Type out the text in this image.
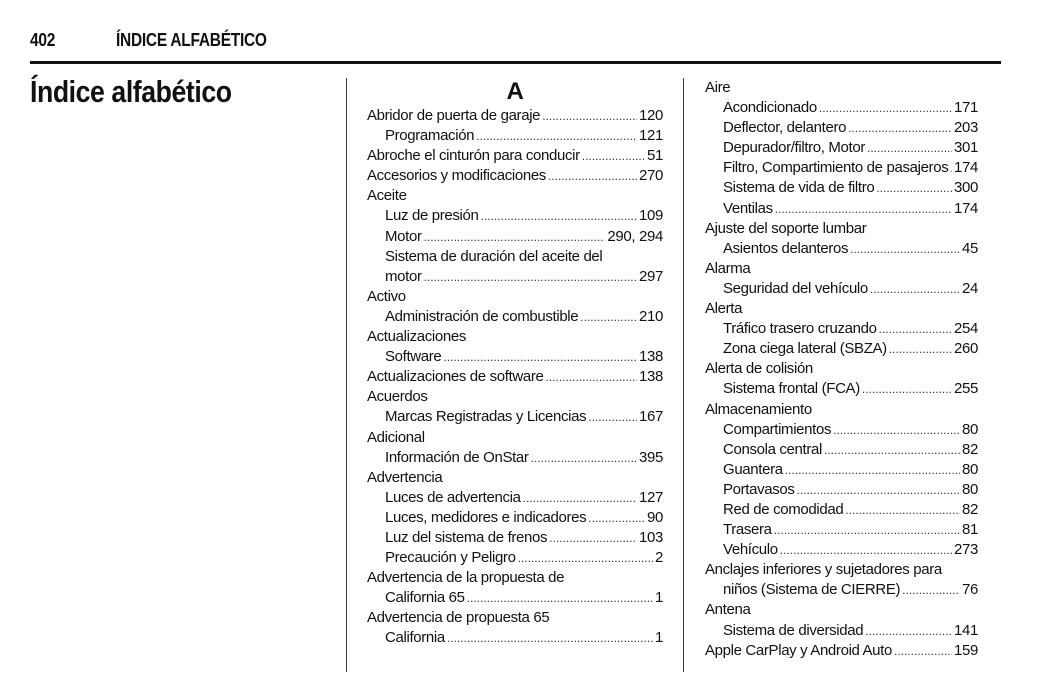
402	ÍNDICE ALFABÉTICO
Índice alfabético	A
Abridor de puerta de garaje .....	120
Programación .....	121
Abroche el cinturón para conducir .....	51
Accesorios y modificaciones .....	270
Aceite
Luz de presión .....	109
Motor .....	290, 294
Sistema de duración del aceite del
motor .....	297
Activo
Administración de combustible .....	210
Actualizaciones
Software .....	138
Actualizaciones de software .....	138
Acuerdos
Marcas Registradas y Licencias .....	167
Adicional
Información de OnStar .....	395
Advertencia
Luces de advertencia .....	127
Luces, medidores e indicadores .....	90
Luz del sistema de frenos .....	103
Precaución y Peligro .....	2
Advertencia de la propuesta de
California 65 .....	1
Advertencia de propuesta 65
California .....	1
Aire
Acondicionado .....	171
Deflector, delantero .....	203
Depurador/filtro, Motor .....	301
Filtro, Compartimiento de pasajeros ..... 174
Sistema de vida de filtro .....	300
Ventilas .....	174
Ajuste del soporte lumbar
Asientos delanteros .....	45
Alarma
Seguridad del vehículo .....	24
Alerta
Tráfico trasero cruzando .....	254
Zona ciega lateral (SBZA) .....	260
Alerta de colisión
Sistema frontal (FCA) .....	255
Almacenamiento
Compartimientos .....	80
Consola central .....	82
Guantera .....	80
Portavasos .....	80
Red de comodidad .....	82
Trasera .....	81
Vehículo .....	273
Anclajes inferiores y sujetadores para
niños (Sistema de CIERRE) .....	76
Antena
Sistema de diversidad .....	141
Apple CarPlay y Android Auto .....	159
